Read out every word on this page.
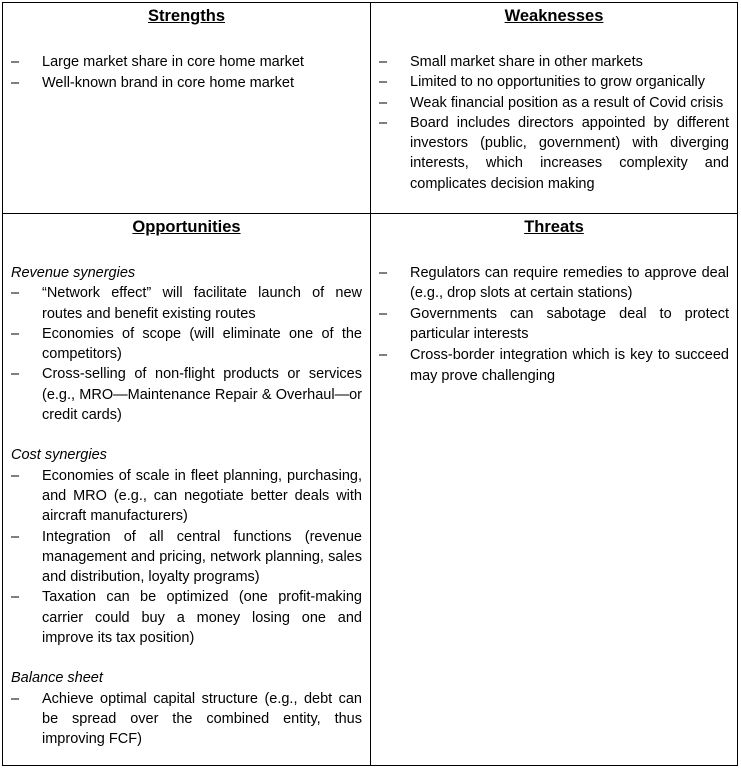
Strengths
– Large market share in core home market
– Well-known brand in core home market
Weaknesses
– Small market share in other markets
– Limited to no opportunities to grow organically
– Weak financial position as a result of Covid crisis
– Board includes directors appointed by different investors (public, government) with diverging interests, which increases complexity and complicates decision making
Opportunities
Revenue synergies
– “Network effect” will facilitate launch of new routes and benefit existing routes
– Economies of scope (will eliminate one of the competitors)
– Cross-selling of non-flight products or services (e.g., MRO—Maintenance Repair & Overhaul—or credit cards)
Cost synergies
– Economies of scale in fleet planning, purchasing, and MRO (e.g., can negotiate better deals with aircraft manufacturers)
– Integration of all central functions (revenue management and pricing, network planning, sales and distribution, loyalty programs)
– Taxation can be optimized (one profit-making carrier could buy a money losing one and improve its tax position)
Balance sheet
– Achieve optimal capital structure (e.g., debt can be spread over the combined entity, thus improving FCF)
Threats
– Regulators can require remedies to approve deal (e.g., drop slots at certain stations)
– Governments can sabotage deal to protect particular interests
– Cross-border integration which is key to succeed may prove challenging
